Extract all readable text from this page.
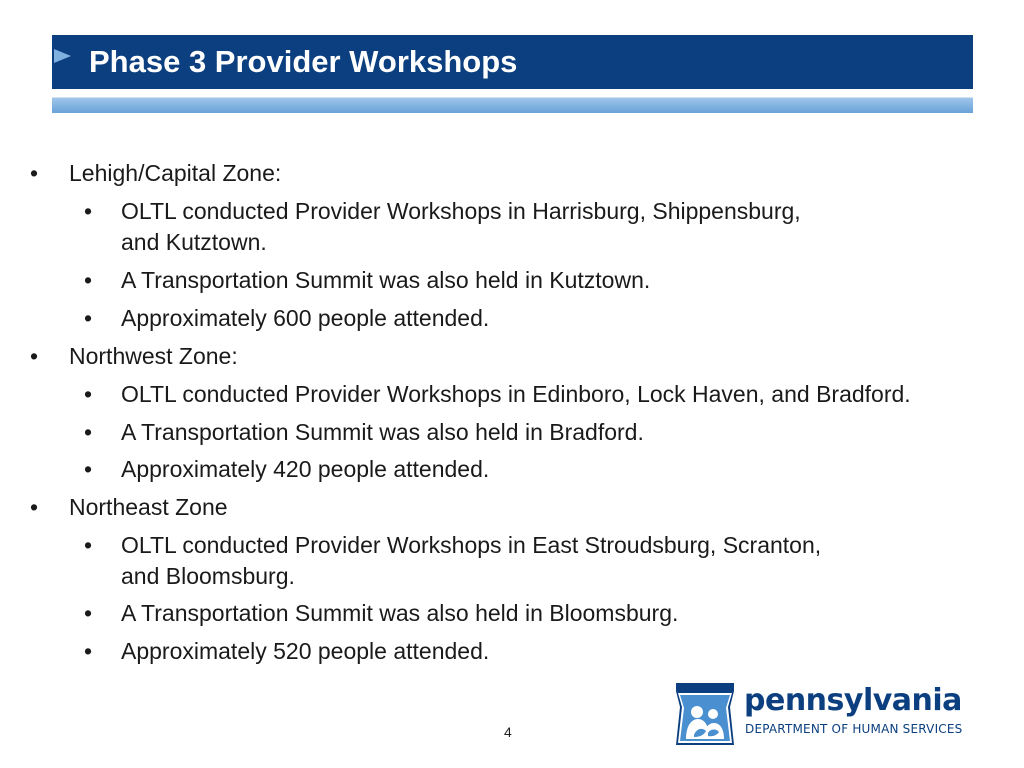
Phase 3 Provider Workshops
• Lehigh/Capital Zone:
• OLTL conducted Provider Workshops in Harrisburg, Shippensburg,
and Kutztown.
• A Transportation Summit was also held in Kutztown.
• Approximately 600 people attended.
• Northwest Zone:
• OLTL conducted Provider Workshops in Edinboro, Lock Haven, and Bradford.
• A Transportation Summit was also held in Bradford.
• Approximately 420 people attended.
• Northeast Zone
• OLTL conducted Provider Workshops in East Stroudsburg, Scranton,
and Bloomsburg.
• A Transportation Summit was also held in Bloomsburg.
• Approximately 520 people attended.
4
pennsylvania
DEPARTMENT OF HUMAN SERVICES
